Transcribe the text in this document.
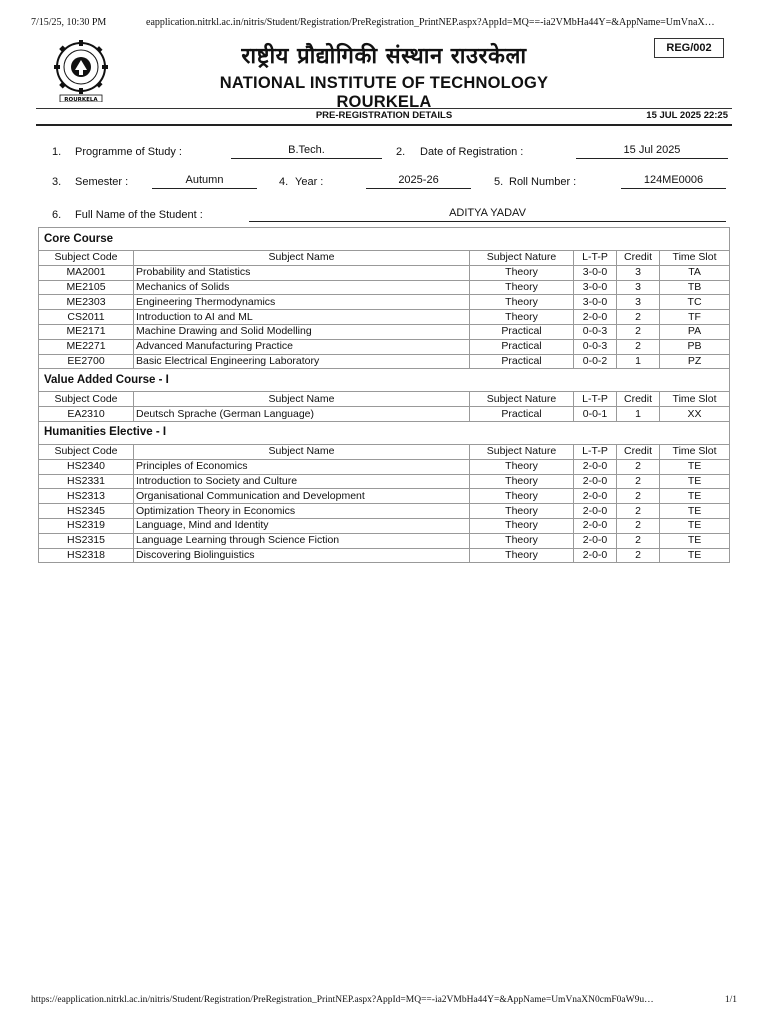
7/15/25, 10:30 PM	eapplication.nitrkl.ac.in/nitris/Student/Registration/PreRegistration_PrintNEP.aspx?AppId=MQ==-ia2VMbHa44Y=&AppName=UmVnaX…
ROURKELA
राष्ट्रीय प्रौद्योगिकी संस्थान राउरकेला
NATIONAL INSTITUTE OF TECHNOLOGY ROURKELA
REG/002
PRE-REGISTRATION DETAILS	15 JUL 2025 22:25
1. Programme of Study :	B.Tech.	2. Date of Registration :	15 Jul 2025
3. Semester :	Autumn	4. Year :	2025-26	5. Roll Number :	124ME0006
6. Full Name of the Student :	ADITYA YADAV
Core Course					
Subject Code	Subject Name	Subject Nature	L-T-P	Credit	Time Slot
MA2001	Probability and Statistics	Theory	3-0-0	3	TA
ME2105	Mechanics of Solids	Theory	3-0-0	3	TB
ME2303	Engineering Thermodynamics	Theory	3-0-0	3	TC
CS2011	Introduction to AI and ML	Theory	2-0-0	2	TF
ME2171	Machine Drawing and Solid Modelling	Practical	0-0-3	2	PA
ME2271	Advanced Manufacturing Practice	Practical	0-0-3	2	PB
EE2700	Basic Electrical Engineering Laboratory	Practical	0-0-2	1	PZ
Value Added Course - I					
Subject Code	Subject Name	Subject Nature	L-T-P	Credit	Time Slot
EA2310	Deutsch Sprache (German Language)	Practical	0-0-1	1	XX
Humanities Elective - I					
Subject Code	Subject Name	Subject Nature	L-T-P	Credit	Time Slot
HS2340	Principles of Economics	Theory	2-0-0	2	TE
HS2331	Introduction to Society and Culture	Theory	2-0-0	2	TE
HS2313	Organisational Communication and Development	Theory	2-0-0	2	TE
HS2345	Optimization Theory in Economics	Theory	2-0-0	2	TE
HS2319	Language, Mind and Identity	Theory	2-0-0	2	TE
HS2315	Language Learning through Science Fiction	Theory	2-0-0	2	TE
HS2318	Discovering Biolinguistics	Theory	2-0-0	2	TE
https://eapplication.nitrkl.ac.in/nitris/Student/Registration/PreRegistration_PrintNEP.aspx?AppId=MQ==-ia2VMbHa44Y=&AppName=UmVnaXN0cmF0aW9u…	1/1
